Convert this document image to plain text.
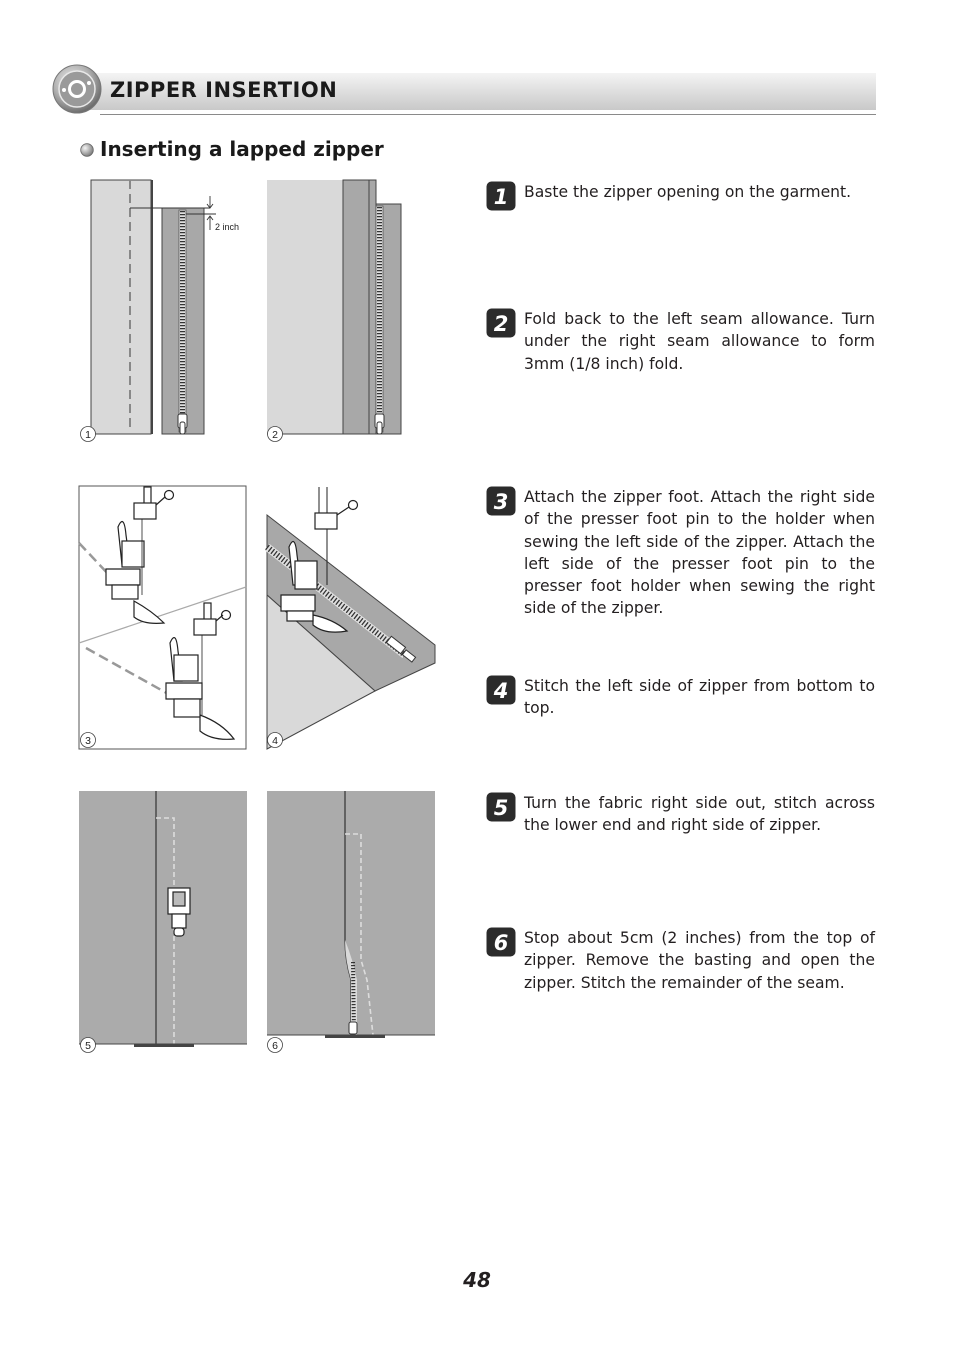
ZIPPER INSERTION
Inserting a lapped zipper
2 inch
1	2
3	4
5	6
1 Baste the zipper opening on the garment.
2 Fold back to the left seam allowance. Turn under the right seam allowance to form 3mm (1/8 inch) fold.
3 Attach the zipper foot. Attach the right side of the presser foot pin to the holder when sewing the left side of the zipper. Attach the left side of the presser foot pin to the presser foot holder when sewing the right side of the zipper.
4 Stitch the left side of zipper from bottom to top.
5 Turn the fabric right side out, stitch across the lower end and right side of zipper.
6 Stop about 5cm (2 inches) from the top of zipper. Remove the basting and open the zipper. Stitch the remainder of the seam.
48
